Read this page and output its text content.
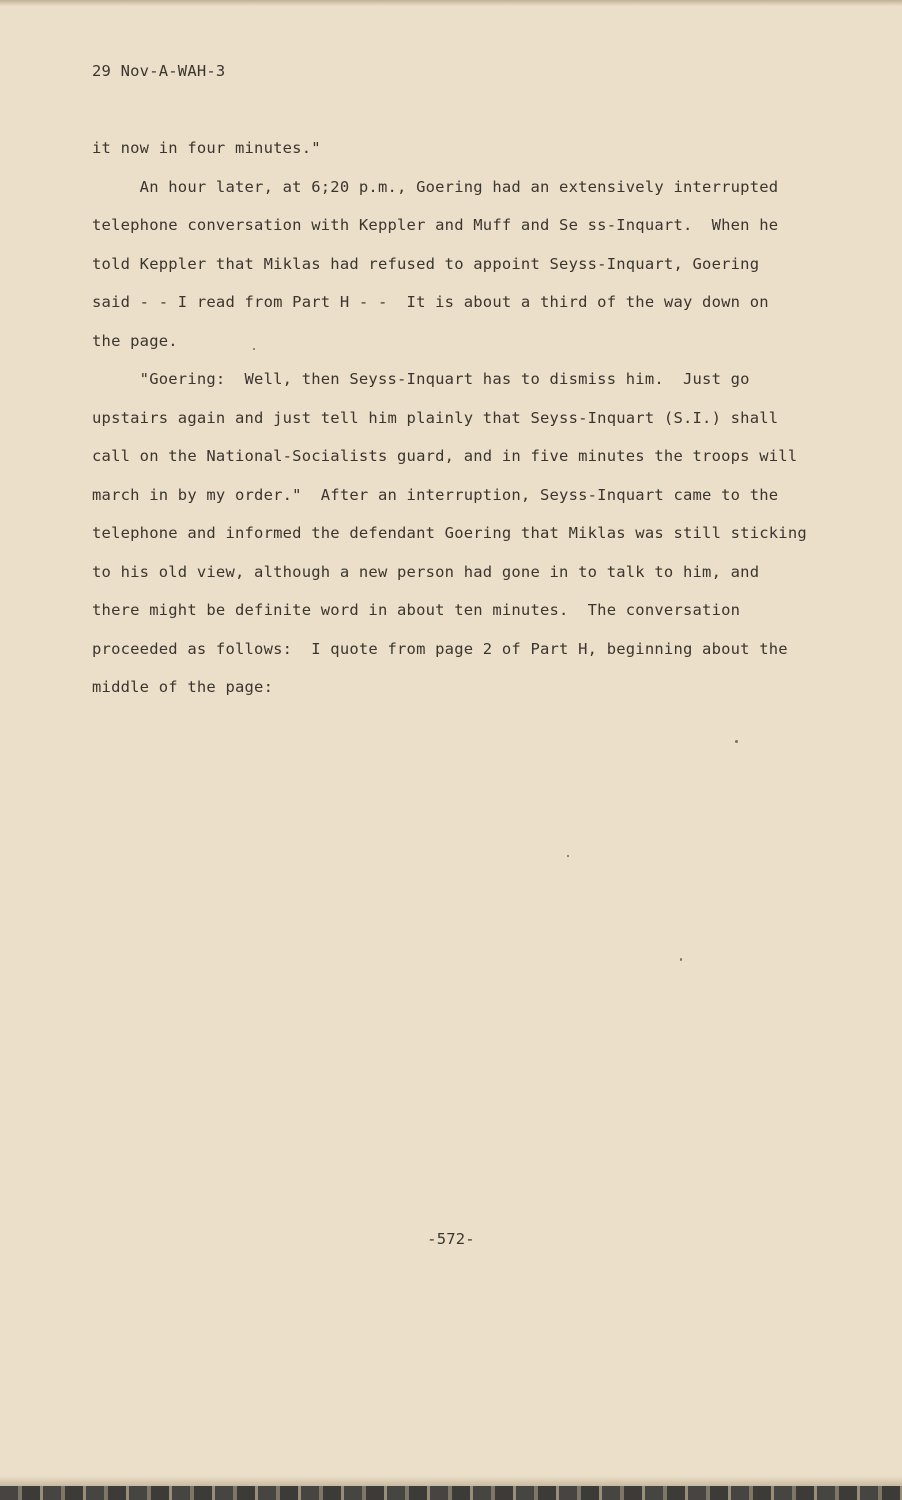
29 Nov-A-WAH-3
it now in four minutes."
An hour later, at 6;20 p.m., Goering had an extensively interrupted
telephone conversation with Keppler and Muff and Se ss-Inquart.  When he
told Keppler that Miklas had refused to appoint Seyss-Inquart, Goering
said - - I read from Part H - -  It is about a third of the way down on
the page.
"Goering:  Well, then Seyss-Inquart has to dismiss him.  Just go
upstairs again and just tell him plainly that Seyss-Inquart (S.I.) shall
call on the National-Socialists guard, and in five minutes the troops will
march in by my order."  After an interruption, Seyss-Inquart came to the
telephone and informed the defendant Goering that Miklas was still sticking
to his old view, although a new person had gone in to talk to him, and
there might be definite word in about ten minutes.  The conversation
proceeded as follows:  I quote from page 2 of Part H, beginning about the
middle of the page:
-572-
